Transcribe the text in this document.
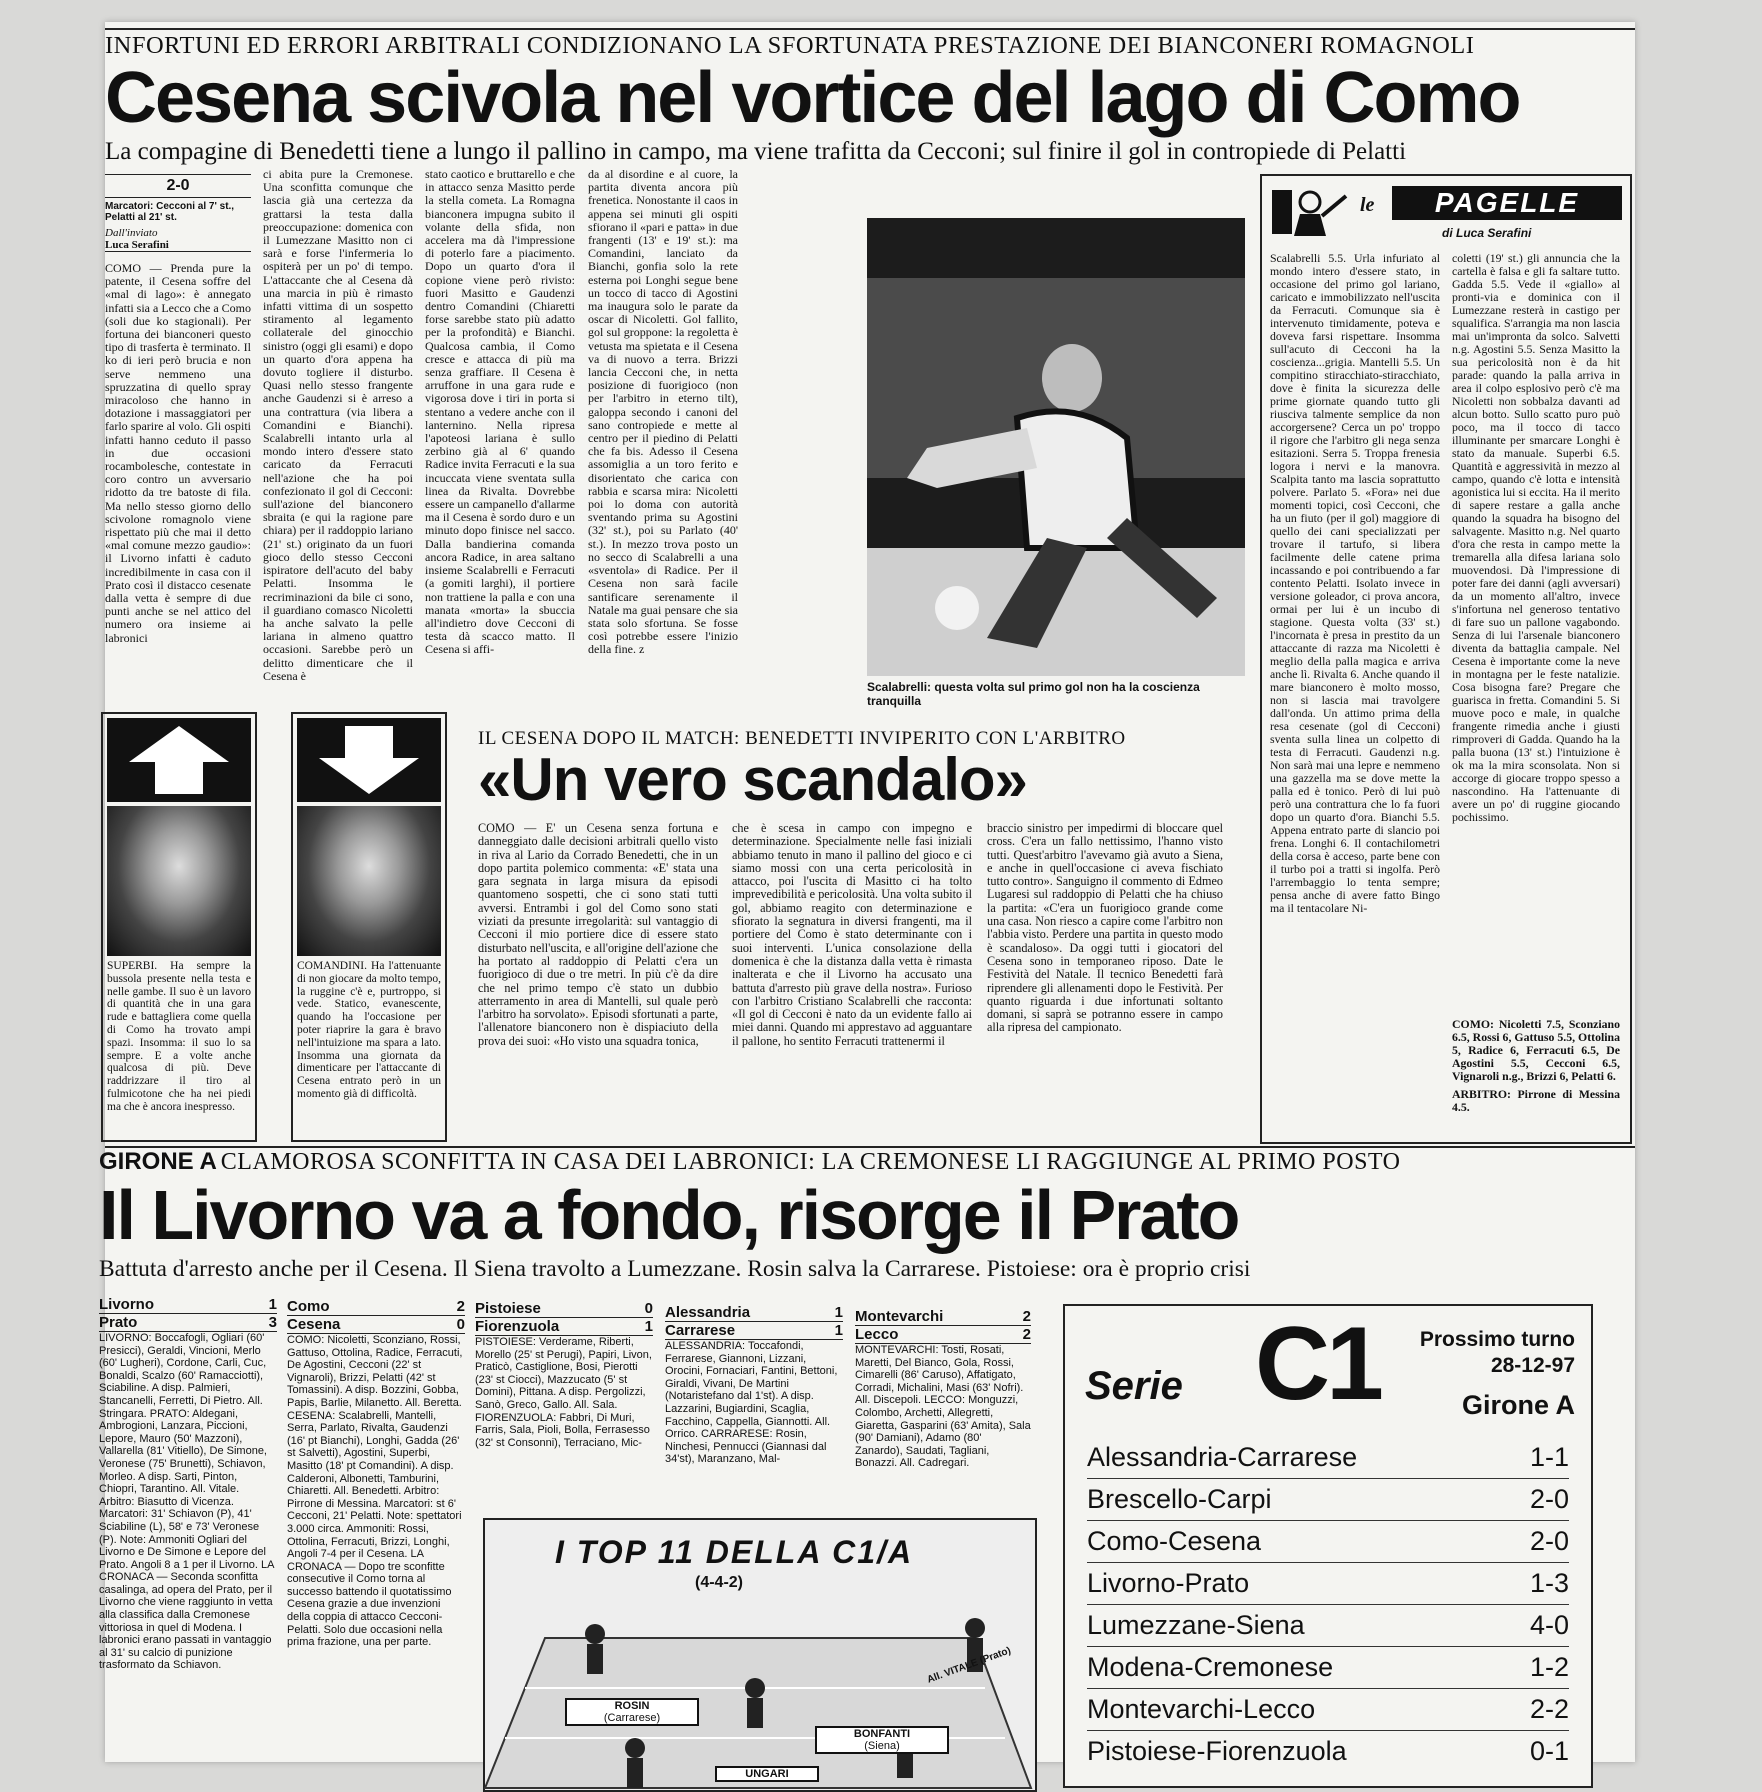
INFORTUNI ED ERRORI ARBITRALI CONDIZIONANO LA SFORTUNATA PRESTAZIONE DEI BIANCONERI ROMAGNOLI
Cesena scivola nel vortice del lago di Como
La compagine di Benedetti tiene a lungo il pallino in campo, ma viene trafitta da Cecconi; sul finire il gol in contropiede di Pelatti
2-0
Marcatori: Cecconi al 7' st., Pelatti al 21' st.
Dall'inviato
Luca Serafini
COMO — Prenda pure la patente, il Cesena soffre del «mal di lago»: è annegato infatti sia a Lecco che a Como (soli due ko stagionali). Per fortuna dei bianconeri questo tipo di trasferta è terminato. Il ko di ieri però brucia e non serve nemmeno una spruzzatina di quello spray miracoloso che hanno in dotazione i massaggiatori per farlo sparire al volo. Gli ospiti infatti hanno ceduto il passo in due occasioni rocambolesche, contestate in coro contro un avversario ridotto da tre batoste di fila. Ma nello stesso giorno dello scivolone romagnolo viene rispettato più che mai il detto «mal comune mezzo gaudio»: il Livorno infatti è caduto incredibilmente in casa con il Prato così il distacco cesenate dalla vetta è sempre di due punti anche se nel attico del numero ora insieme ai labronici
ci abita pure la Cremonese. Una sconfitta comunque che lascia già una certezza da grattarsi la testa dalla preoccupazione: domenica con il Lumezzane Masitto non ci sarà e forse l'infermeria lo ospiterà per un po' di tempo. L'attaccante che al Cesena dà una marcia in più è rimasto infatti vittima di un sospetto stiramento al legamento collaterale del ginocchio sinistro (oggi gli esami) e dopo un quarto d'ora appena ha dovuto togliere il disturbo. Quasi nello stesso frangente anche Gaudenzi si è arreso a una contrattura (via libera a Comandini e Bianchi). Scalabrelli intanto urla al mondo intero d'essere stato caricato da Ferracuti nell'azione che ha poi confezionato il gol di Cecconi: sull'azione del bianconero sbraita (e qui la ragione pare chiara) per il raddoppio lariano (21' st.) originato da un fuori gioco dello stesso Cecconi ispiratore dell'acuto del baby Pelatti. Insomma le recriminazioni da bile ci sono, il guardiano comasco Nicoletti ha anche salvato la pelle lariana in almeno quattro occasioni. Sarebbe però un delitto dimenticare che il Cesena è
stato caotico e bruttarello e che in attacco senza Masitto perde la stella cometa. La Romagna bianconera impugna subito il volante della sfida, non accelera ma dà l'impressione di poterlo fare a piacimento. Dopo un quarto d'ora il copione viene però rivisto: fuori Masitto e Gaudenzi dentro Comandini (Chiaretti forse sarebbe stato più adatto per la profondità) e Bianchi. Qualcosa cambia, il Como cresce e attacca di più ma senza graffiare. Il Cesena è arruffone in una gara rude e vigorosa dove i tiri in porta si stentano a vedere anche con il lanternino. Nella ripresa l'apoteosi lariana è sullo zerbino già al 6' quando Radice invita Ferracuti e la sua incuccata viene sventata sulla linea da Rivalta. Dovrebbe essere un campanello d'allarme ma il Cesena è sordo duro e un minuto dopo finisce nel sacco. Dalla bandierina comanda ancora Radice, in area saltano insieme Scalabrelli e Ferracuti (a gomiti larghi), il portiere non trattiene la palla e con una manata «morta» la sbuccia all'indietro dove Cecconi di testa dà scacco matto. Il Cesena si affi-
da al disordine e al cuore, la partita diventa ancora più frenetica. Nonostante il caos in appena sei minuti gli ospiti sfiorano il «pari e patta» in due frangenti (13' e 19' st.): ma Comandini, lanciato da Bianchi, gonfia solo la rete esterna poi Longhi segue bene un tocco di tacco di Agostini ma inaugura solo le parate da oscar di Nicoletti. Gol fallito, gol sul groppone: la regoletta è vetusta ma spietata e il Cesena va di nuovo a terra. Brizzi lancia Cecconi che, in netta posizione di fuorigioco (non per l'arbitro in eterno tilt), galoppa secondo i canoni del sano contropiede e mette al centro per il piedino di Pelatti che fa bis. Adesso il Cesena assomiglia a un toro ferito e disorientato che carica con rabbia e scarsa mira: Nicoletti poi lo doma con autorità sventando prima su Agostini (32' st.), poi su Parlato (40' st.). In mezzo trova posto un no secco di Scalabrelli a una «sventola» di Radice. Per il Cesena non sarà facile santificare serenamente il Natale ma guai pensare che sia stata solo sfortuna. Se fosse così potrebbe essere l'inizio della fine. z
Scalabrelli: questa volta sul primo gol non ha la coscienza tranquilla
le	PAGELLE
di Luca Serafini
Scalabrelli 5.5. Urla infuriato al mondo intero d'essere stato, in occasione del primo gol lariano, caricato e immobilizzato nell'uscita da Ferracuti. Comunque sia è intervenuto timidamente, poteva e doveva farsi rispettare. Insomma sull'acuto di Cecconi ha la coscienza...grigia. Mantelli 5.5. Un compitino stiracchiato-stiracchiato, dove è finita la sicurezza delle prime giornate quando tutto gli riusciva talmente semplice da non accorgersene? Cerca un po' troppo il rigore che l'arbitro gli nega senza esitazioni. Serra 5. Troppa frenesia logora i nervi e la manovra. Scalpita tanto ma lascia soprattutto polvere. Parlato 5. «Fora» nei due momenti topici, così Cecconi, che ha un fiuto (per il gol) maggiore di quello dei cani specializzati per trovare il tartufo, si libera facilmente delle catene prima incassando e poi contribuendo a far contento Pelatti. Isolato invece in versione goleador, ci prova ancora, ormai per lui è un incubo di stagione. Questa volta (33' st.) l'incornata è presa in prestito da un attaccante di razza ma Nicoletti è meglio della palla magica e arriva anche lì. Rivalta 6. Anche quando il mare bianconero è molto mosso, non si lascia mai travolgere dall'onda. Un attimo prima della resa cesenate (gol di Cecconi) sventa sulla linea un colpetto di testa di Ferracuti. Gaudenzi n.g. Non sarà mai una lepre e nemmeno una gazzella ma se dove mette la palla ed è tonico. Però di lui può però una contrattura che lo fa fuori dopo un quarto d'ora. Bianchi 5.5. Appena entrato parte di slancio poi frena. Longhi 6. Il contachilometri della corsa è acceso, parte bene con il turbo poi a tratti si ingolfa. Però l'arrembaggio lo tenta sempre; pensa anche di avere fatto Bingo ma il tentacolare Ni-
coletti (19' st.) gli annuncia che la cartella è falsa e gli fa saltare tutto. Gadda 5.5. Vede il «giallo» al pronti-via e dominica con il Lumezzane resterà in castigo per squalifica. S'arrangia ma non lascia mai un'impronta da solco. Salvetti n.g. Agostini 5.5. Senza Masitto la sua pericolosità non è da hit parade: quando la palla arriva in area il colpo esplosivo però c'è ma Nicoletti non sobbalza davanti ad alcun botto. Sullo scatto puro può poco, ma il tocco di tacco illuminante per smarcare Longhi è stato da manuale. Superbi 6.5. Quantità e aggressività in mezzo al campo, quando c'è lotta e intensità agonistica lui si eccita. Ha il merito di sapere restare a galla anche quando la squadra ha bisogno del salvagente. Masitto n.g. Nel quarto d'ora che resta in campo mette la tremarella alla difesa lariana solo muovendosi. Dà l'impressione di poter fare dei danni (agli avversari) da un momento all'altro, invece s'infortuna nel generoso tentativo di fare suo un pallone vagabondo. Senza di lui l'arsenale bianconero diventa da battaglia campale. Nel Cesena è importante come la neve in montagna per le feste natalizie. Cosa bisogna fare? Pregare che guarisca in fretta. Comandini 5. Si muove poco e male, in qualche frangente rimedia anche i giusti rimproveri di Gadda. Quando ha la palla buona (13' st.) l'intuizione è ok ma la mira sconsolata. Non si accorge di giocare troppo spesso a nascondino. Ha l'attenuante di avere un po' di ruggine giocando pochissimo.
COMO: Nicoletti 7.5, Sconziano 6.5, Rossi 6, Gattuso 5.5, Ottolina 5, Radice 6, Ferracuti 6.5, De Agostini 5.5, Cecconi 6.5, Vignaroli n.g., Brizzi 6, Pelatti 6.
ARBITRO: Pirrone di Messina 4.5.
SUPERBI. Ha sempre la bussola presente nella testa e nelle gambe. Il suo è un lavoro di quantità che in una gara rude e battagliera come quella di Como ha trovato ampi spazi. Insomma: il suo lo sa sempre. E a volte anche qualcosa di più. Deve raddrizzare il tiro al fulmicotone che ha nei piedi ma che è ancora inespresso.
COMANDINI. Ha l'attenuante di non giocare da molto tempo, la ruggine c'è e, purtroppo, si vede. Statico, evanescente, quando ha l'occasione per poter riaprire la gara è bravo nell'intuizione ma spara a lato. Insomma una giornata da dimenticare per l'attaccante di Cesena entrato però in un momento già di difficoltà.
IL CESENA DOPO IL MATCH: BENEDETTI INVIPERITO CON L'ARBITRO
«Un vero scandalo»
COMO — E' un Cesena senza fortuna e danneggiato dalle decisioni arbitrali quello visto in riva al Lario da Corrado Benedetti, che in un dopo partita polemico commenta: «E' stata una gara segnata in larga misura da episodi quantomeno sospetti, che ci sono stati tutti avversi. Entrambi i gol del Como sono stati viziati da presunte irregolarità: sul vantaggio di Cecconi il mio portiere dice di essere stato disturbato nell'uscita, e all'origine dell'azione che ha portato al raddoppio di Pelatti c'era un fuorigioco di due o tre metri. In più c'è da dire che nel primo tempo c'è stato un dubbio atterramento in area di Mantelli, sul quale però l'arbitro ha sorvolato». Episodi sfortunati a parte, l'allenatore bianconero non è dispiaciuto della prova dei suoi: «Ho visto una squadra tonica,
che è scesa in campo con impegno e determinazione. Specialmente nelle fasi iniziali abbiamo tenuto in mano il pallino del gioco e ci siamo mossi con una certa pericolosità in attacco, poi l'uscita di Masitto ci ha tolto imprevedibilità e pericolosità. Una volta subito il gol, abbiamo reagito con determinazione e sfiorato la segnatura in diversi frangenti, ma il portiere del Como è stato determinante con i suoi interventi. L'unica consolazione della domenica è che la distanza dalla vetta è rimasta inalterata e che il Livorno ha accusato una battuta d'arresto più grave della nostra». Furioso con l'arbitro Cristiano Scalabrelli che racconta: «Il gol di Cecconi è nato da un evidente fallo ai miei danni. Quando mi apprestavo ad agguantare il pallone, ho sentito Ferracuti trattenermi il
braccio sinistro per impedirmi di bloccare quel cross. C'era un fallo nettissimo, l'hanno visto tutti. Quest'arbitro l'avevamo già avuto a Siena, e anche in quell'occasione ci aveva fischiato tutto contro». Sanguigno il commento di Edmeo Lugaresi sul raddoppio di Pelatti che ha chiuso la partita: «C'era un fuorigioco grande come una casa. Non riesco a capire come l'arbitro non l'abbia visto. Perdere una partita in questo modo è scandaloso». Da oggi tutti i giocatori del Cesena sono in temporaneo riposo. Date le Festività del Natale. Il tecnico Benedetti farà riprendere gli allenamenti dopo le Festività. Per quanto riguarda i due infortunati soltanto domani, si saprà se potranno essere in campo alla ripresa del campionato.
GIRONE A CLAMOROSA SCONFITTA IN CASA DEI LABRONICI: LA CREMONESE LI RAGGIUNGE AL PRIMO POSTO
Il Livorno va a fondo, risorge il Prato
Battuta d'arresto anche per il Cesena. Il Siena travolto a Lumezzane. Rosin salva la Carrarese. Pistoiese: ora è proprio crisi
Livorno	1
Prato	3
LIVORNO: Boccafogli, Ogliari (60' Presicci), Geraldi, Vincioni, Merlo (60' Lugheri), Cordone, Carli, Cuc, Bonaldi, Scalzo (60' Ramacciotti), Sciabiline. A disp. Palmieri, Stancanelli, Ferretti, Di Pietro. All. Stringara. PRATO: Aldegani, Ambrogioni, Lanzara, Piccioni, Lepore, Mauro (50' Mazzoni), Vallarella (81' Vitiello), De Simone, Veronese (75' Brunetti), Schiavon, Morleo. A disp. Sarti, Pinton, Chiopri, Tarantino. All. Vitale. Arbitro: Biasutto di Vicenza. Marcatori: 31' Schiavon (P), 41' Sciabiline (L), 58' e 73' Veronese (P). Note: Ammoniti Ogliari del Livorno e De Simone e Lepore del Prato. Angoli 8 a 1 per il Livorno. LA CRONACA — Seconda sconfitta casalinga, ad opera del Prato, per il Livorno che viene raggiunto in vetta alla classifica dalla Cremonese vittoriosa in quel di Modena. I labronici erano passati in vantaggio al 31' su calcio di punizione trasformato da Schiavon.
Como	2
Cesena	0
COMO: Nicoletti, Sconziano, Rossi, Gattuso, Ottolina, Radice, Ferracuti, De Agostini, Cecconi (22' st Vignaroli), Brizzi, Pelatti (42' st Tomassini). A disp. Bozzini, Gobba, Papis, Barlie, Milanetto. All. Beretta. CESENA: Scalabrelli, Mantelli, Serra, Parlato, Rivalta, Gaudenzi (16' pt Bianchi), Longhi, Gadda (26' st Salvetti), Agostini, Superbi, Masitto (18' pt Comandini). A disp. Calderoni, Albonetti, Tamburini, Chiaretti. All. Benedetti. Arbitro: Pirrone di Messina. Marcatori: st 6' Cecconi, 21' Pelatti. Note: spettatori 3.000 circa. Ammoniti: Rossi, Ottolina, Ferracuti, Brizzi, Longhi, Angoli 7-4 per il Cesena. LA CRONACA — Dopo tre sconfitte consecutive il Como torna al successo battendo il quotatissimo Cesena grazie a due invenzioni della coppia di attacco Cecconi-Pelatti. Solo due occasioni nella prima frazione, una per parte.
Pistoiese	0
Fiorenzuola	1
PISTOIESE: Verderame, Riberti, Morello (25' st Perugi), Papiri, Livon, Praticò, Castiglione, Bosi, Pierotti (23' st Ciocci), Mazzucato (5' st Domini), Pittana. A disp. Pergolizzi, Sanò, Greco, Gallo. All. Sala. FIORENZUOLA: Fabbri, Di Muri, Farris, Sala, Pioli, Bolla, Ferrasesso (32' st Consonni), Terraciano, Mic-
Alessandria	1
Carrarese	1
ALESSANDRIA: Toccafondi, Ferrarese, Giannoni, Lizzani, Orocini, Fornaciari, Fantini, Bettoni, Giraldi, Vivani, De Martini (Notaristefano dal 1'st). A disp. Lazzarini, Bugiardini, Scaglia, Facchino, Cappella, Giannotti. All. Orrico. CARRARESE: Rosin, Ninchesi, Pennucci (Giannasi dal 34'st), Maranzano, Mal-
Montevarchi	2
Lecco	2
MONTEVARCHI: Tosti, Rosati, Maretti, Del Bianco, Gola, Rossi, Cimarelli (86' Caruso), Affatigato, Corradi, Michalini, Masi (63' Nofri). All. Discepoli. LECCO: Monguzzi, Colombo, Archetti, Allegretti, Giaretta, Gasparini (63' Amita), Sala (90' Damiani), Adamo (80' Zanardo), Saudati, Tagliani, Bonazzi. All. Cadregari.
I TOP 11 DELLA C1/A
(4-4-2)
ROSIN
(Carrarese)
BONFANTI
(Siena)
UNGARI
All. VITALE (Prato)
Serie C1 Prossimo turno
28-12-97
Girone A
Alessandria-Carrarese	1-1
Brescello-Carpi	2-0
Como-Cesena	2-0
Livorno-Prato	1-3
Lumezzane-Siena	4-0
Modena-Cremonese	1-2
Montevarchi-Lecco	2-2
Pistoiese-Fiorenzuola	0-1
